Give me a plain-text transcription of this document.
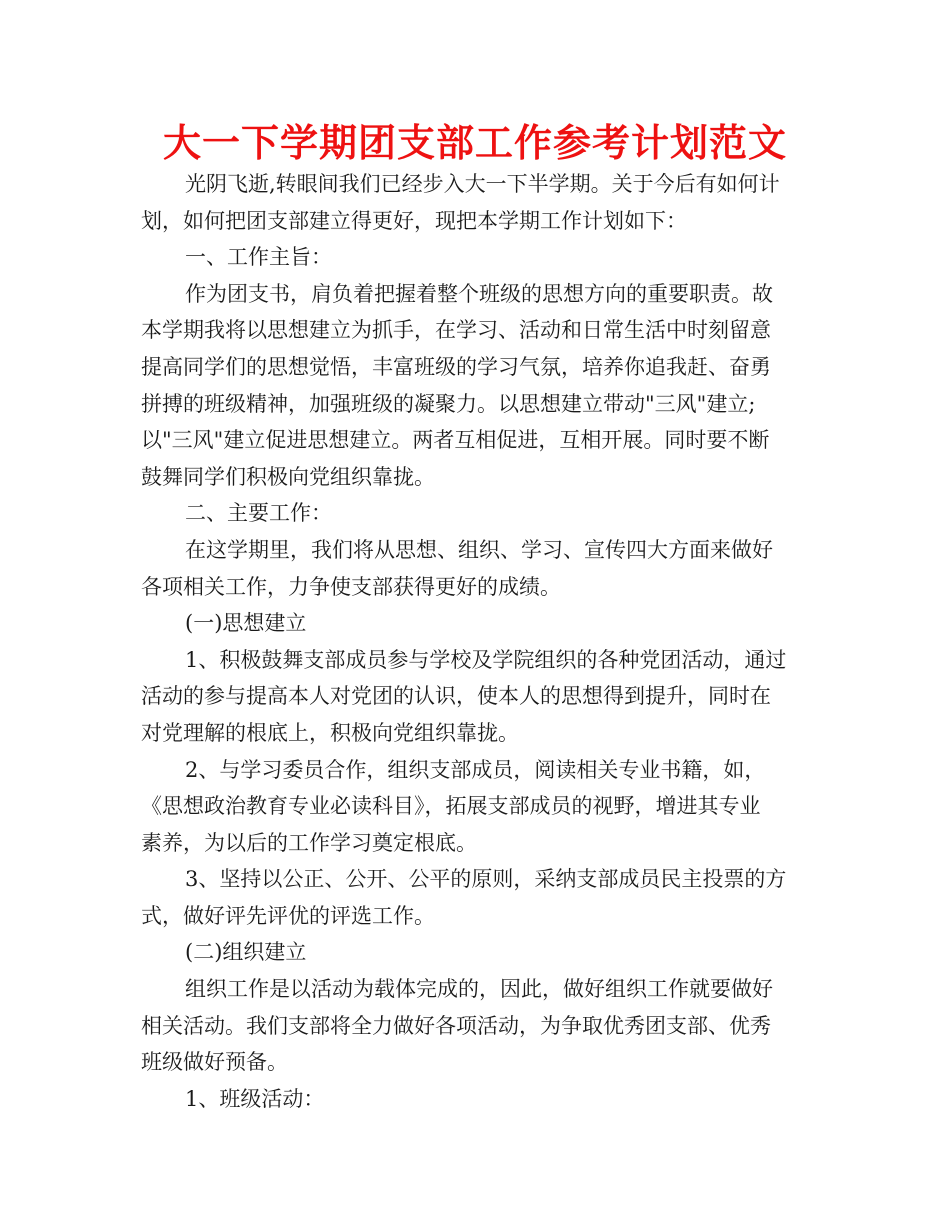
大一下学期团支部工作参考计划范文
光阴飞逝,转眼间我们已经步入大一下半学期。关于今后有如何计
划，如何把团支部建立得更好，现把本学期工作计划如下：
一、工作主旨：
作为团支书，肩负着把握着整个班级的思想方向的重要职责。故
本学期我将以思想建立为抓手，在学习、活动和日常生活中时刻留意
提高同学们的思想觉悟，丰富班级的学习气氛，培养你追我赶、奋勇
拼搏的班级精神，加强班级的凝聚力。以思想建立带动"三风"建立;
以"三风"建立促进思想建立。两者互相促进，互相开展。同时要不断
鼓舞同学们积极向党组织靠拢。
二、主要工作：
在这学期里，我们将从思想、组织、学习、宣传四大方面来做好
各项相关工作，力争使支部获得更好的成绩。
(一)思想建立
1、积极鼓舞支部成员参与学校及学院组织的各种党团活动，通过
活动的参与提高本人对党团的认识，使本人的思想得到提升，同时在
对党理解的根底上，积极向党组织靠拢。
2、与学习委员合作，组织支部成员，阅读相关专业书籍，如，
《思想政治教育专业必读科目》，拓展支部成员的视野，增进其专业
素养，为以后的工作学习奠定根底。
3、坚持以公正、公开、公平的原则，采纳支部成员民主投票的方
式，做好评先评优的评选工作。
(二)组织建立
组织工作是以活动为载体完成的，因此，做好组织工作就要做好
相关活动。我们支部将全力做好各项活动，为争取优秀团支部、优秀
班级做好预备。
1、班级活动：
